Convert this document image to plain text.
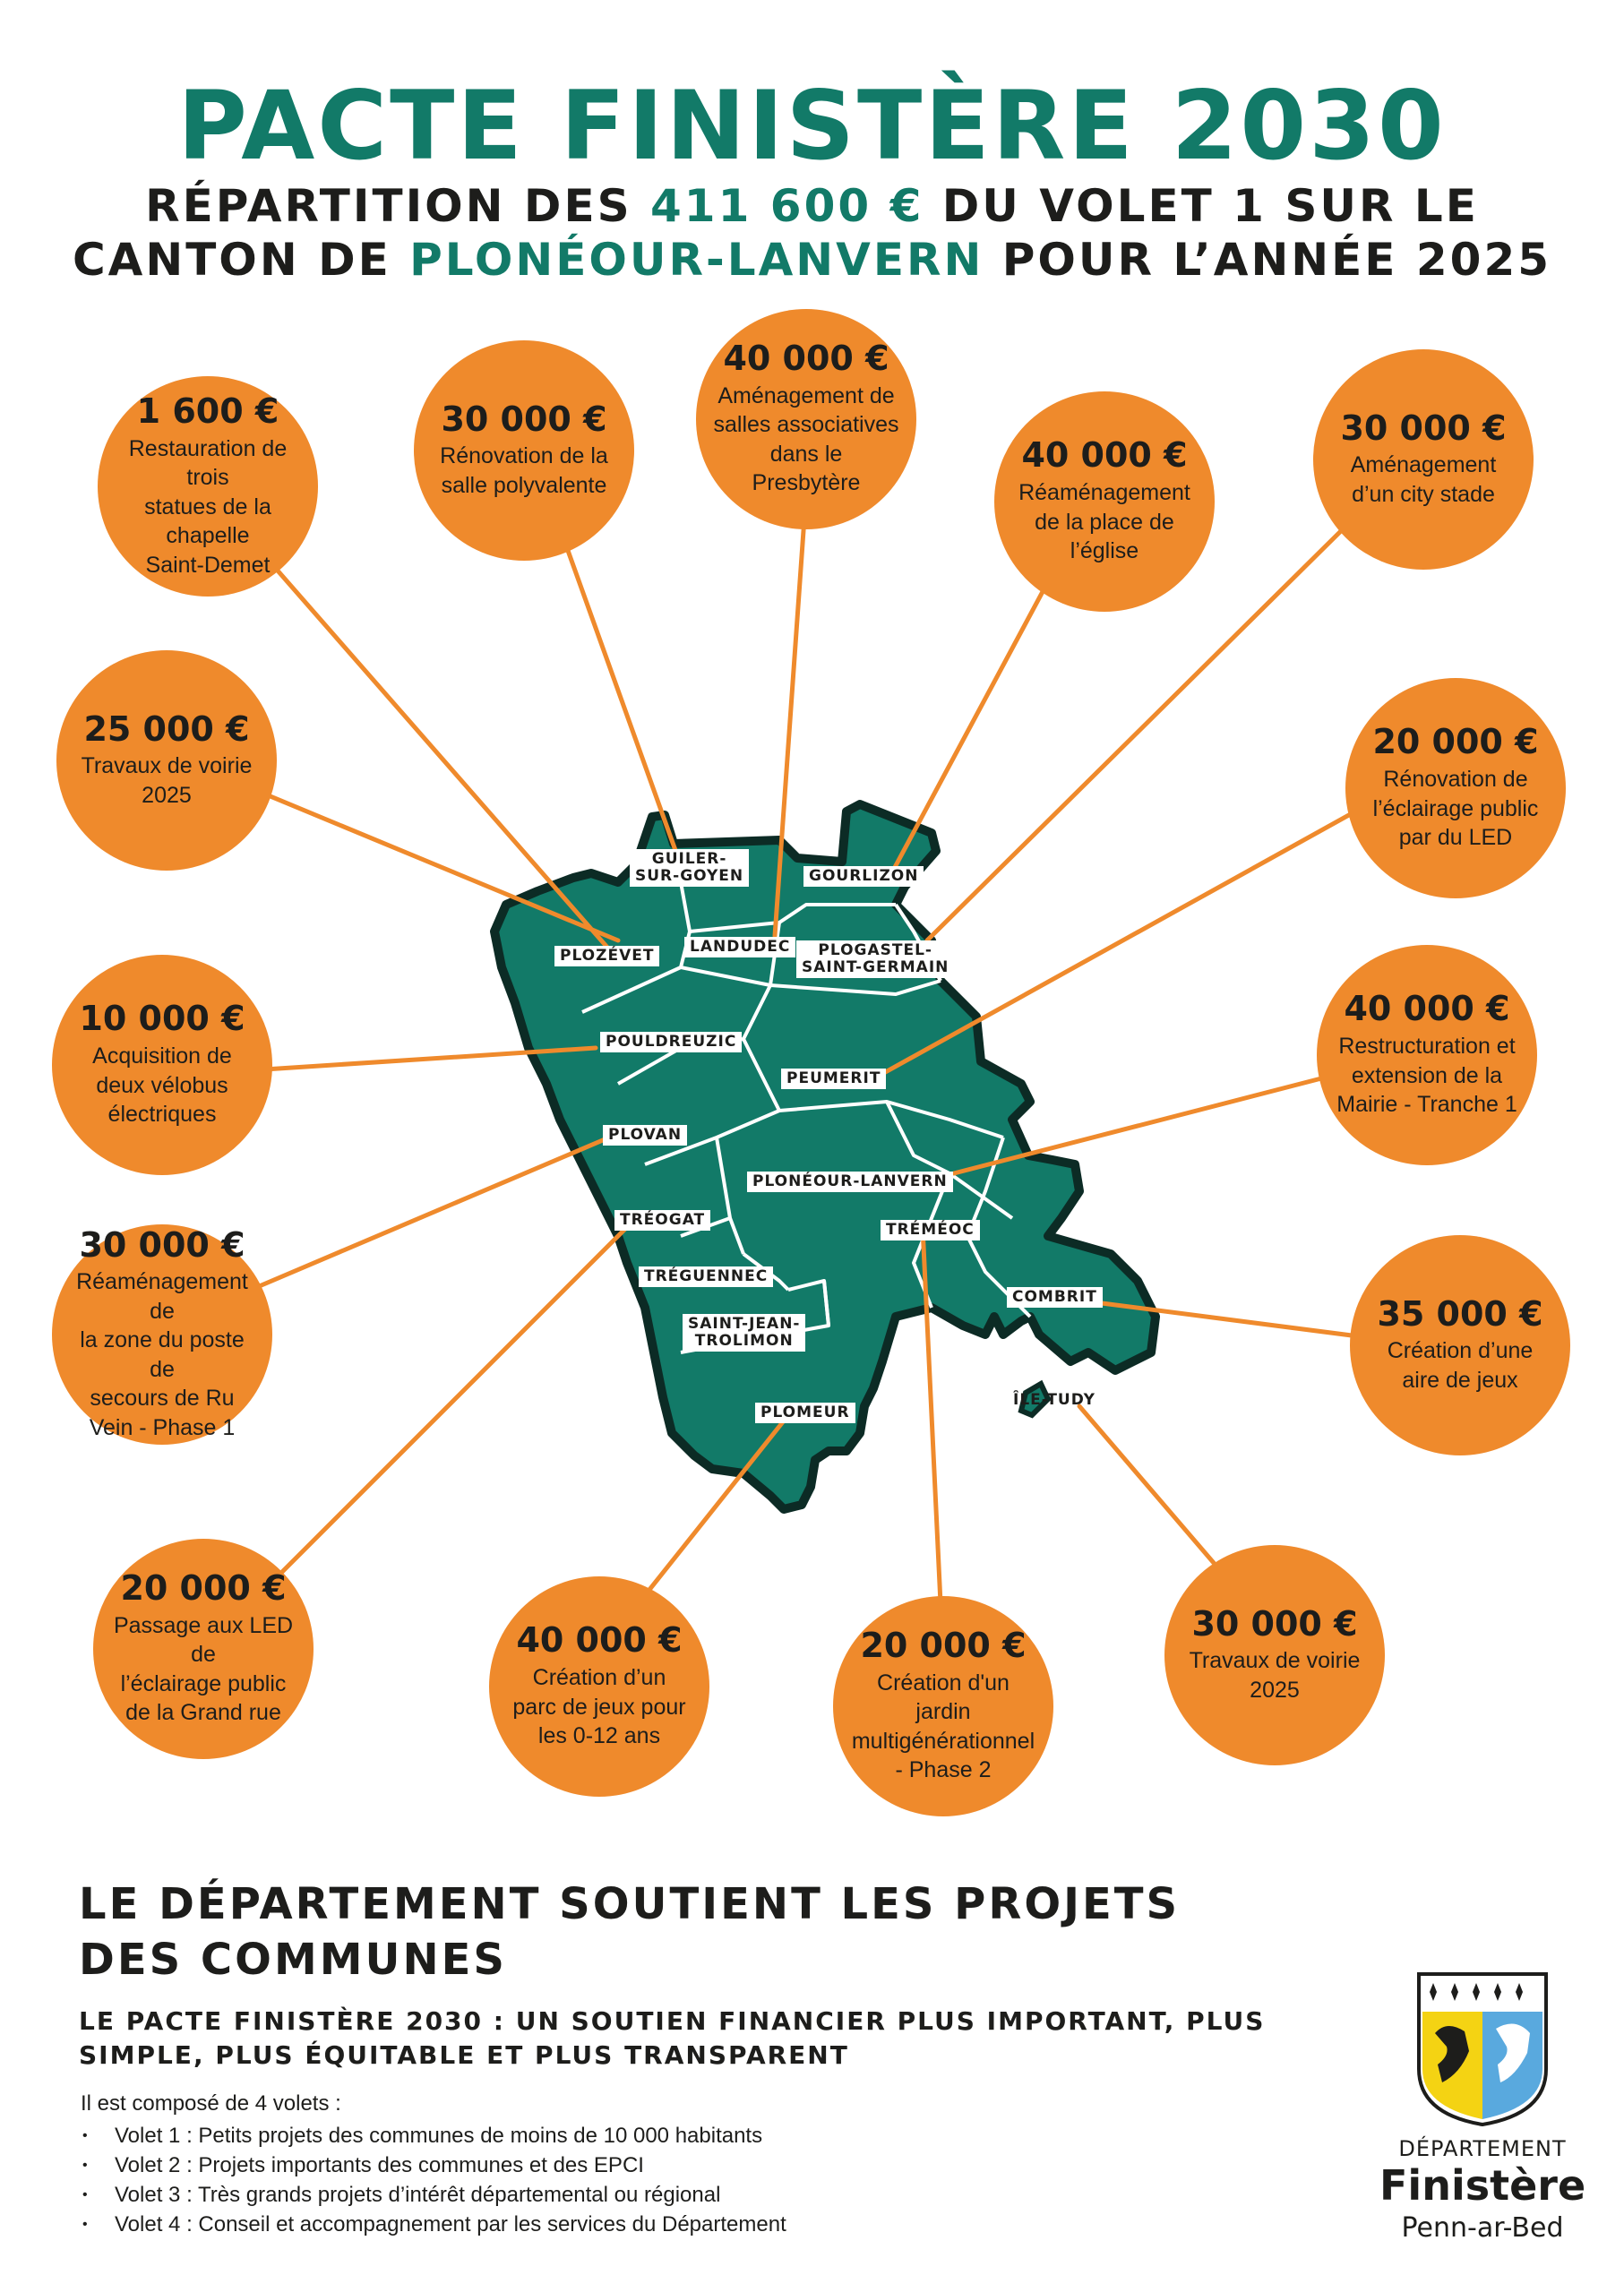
PACTE FINISTÈRE 2030
RÉPARTITION DES 411 600 € DU VOLET 1 SUR LE
CANTON DE PLONÉOUR-LANVERN POUR L’ANNÉE 2025
GUILER-
SUR-GOYEN	GOURLIZON
PLOZÉVET	LANDUDEC	PLOGASTEL-
SAINT-GERMAIN
POULDREUZIC
PEUMERIT
PLOVAN
PLONÉOUR-LANVERN
TRÉOGAT
TRÉMÉOC
TRÉGUENNEC
COMBRIT
SAINT-JEAN-
TROLIMON
ÎLE-TUDY
PLOMEUR
1 600 €
Restauration de trois
statues de la chapelle
Saint-Demet
30 000 €
Rénovation de la
salle polyvalente
40 000 €
Aménagement de
salles associatives
dans le
Presbytère
40 000 €
Réaménagement
de la place de
l’église
30 000 €
Aménagement
d’un city stade
25 000 €
Travaux de voirie
2025
20 000 €
Rénovation de
l’éclairage public
par du LED
10 000 €
Acquisition de
deux vélobus
électriques
40 000 €
Restructuration et
extension de la
Mairie - Tranche 1
30 000 €
Réaménagement de
la zone du poste de
secours de Ru
Vein - Phase 1
35 000 €
Création d’une
aire de jeux
20 000 €
Passage aux LED de
l’éclairage public
de la Grand rue
40 000 €
Création d’un
parc de jeux pour
les 0-12 ans
20 000 €
Création d'un jardin
multigénérationnel
- Phase 2
30 000 €
Travaux de voirie
2025
LE DÉPARTEMENT SOUTIENT LES PROJETS
DES COMMUNES
LE PACTE FINISTÈRE 2030 : UN SOUTIEN FINANCIER PLUS IMPORTANT, PLUS
SIMPLE, PLUS ÉQUITABLE ET PLUS TRANSPARENT
Il est composé de 4 volets :
• Volet 1 : Petits projets des communes de moins de 10 000 habitants
• Volet 2 : Projets importants des communes et des EPCI
• Volet 3 : Très grands projets d’intérêt départemental ou régional
• Volet 4 : Conseil et accompagnement par les services du Département
DÉPARTEMENT
Finistère
Penn-ar-Bed
